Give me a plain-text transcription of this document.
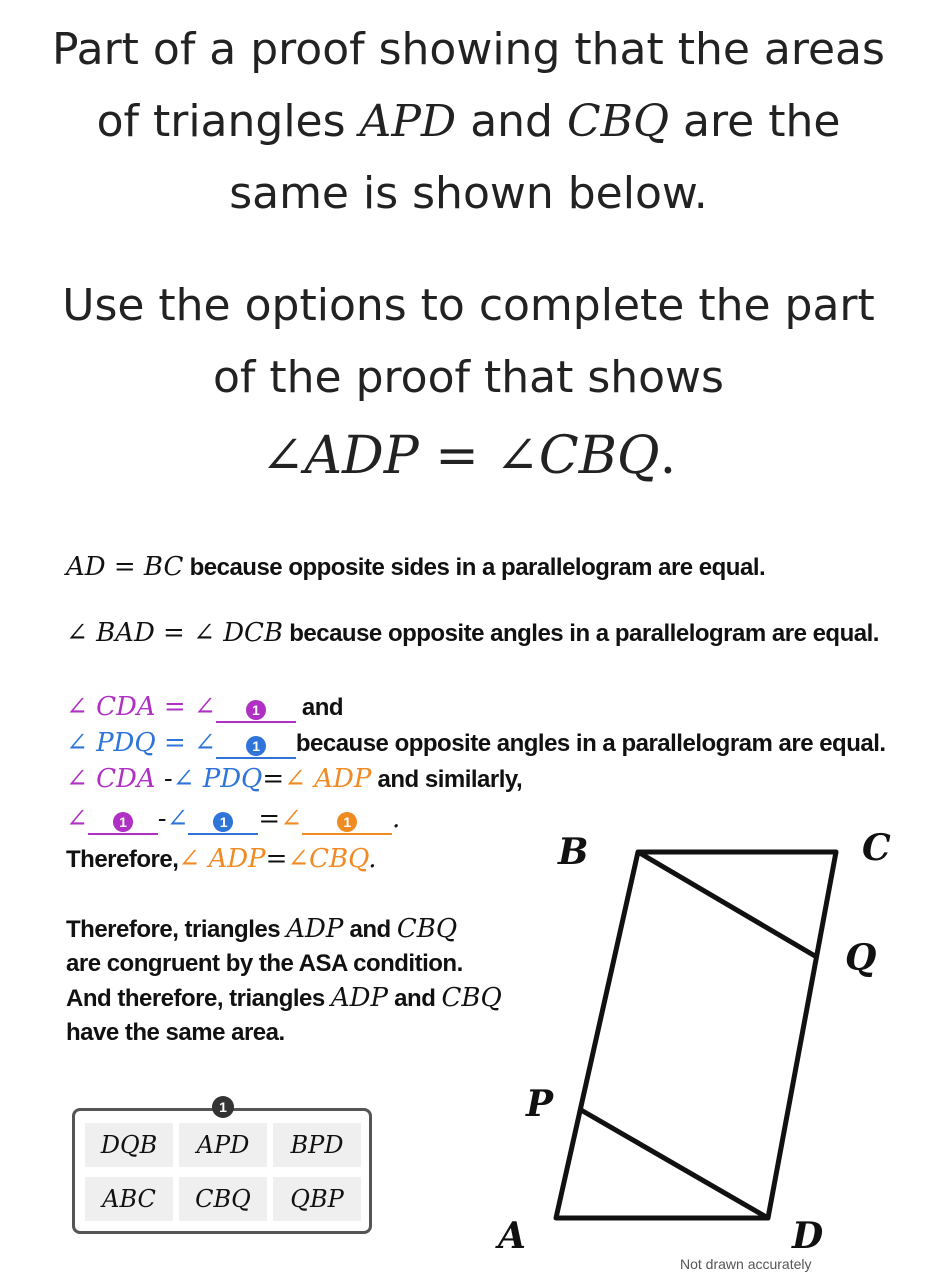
Part of a proof showing that the areas
of triangles APD and CBQ are the
same is shown below.
Use the options to complete the part
of the proof that shows
∠ADP = ∠CBQ.
AD = BC because opposite sides in a parallelogram are equal.
∠ BAD = ∠ DCB because opposite angles in a parallelogram are equal.
∠ CDA = ∠	1 and
∠ PDQ = ∠	1 because opposite angles in a parallelogram are equal.
∠ CDA -∠ PDQ=∠ ADP and similarly,
∠ 1 -∠ 1 =∠	1 .
Therefore,∠ ADP=∠CBQ.
Therefore, triangles ADP and CBQ
are congruent by the ASA condition.
And therefore, triangles ADP and CBQ
have the same area.
DQB	APD	BPD
ABC	CBQ	QBP
1
B	C
Q
P
A	D
Not drawn accurately
